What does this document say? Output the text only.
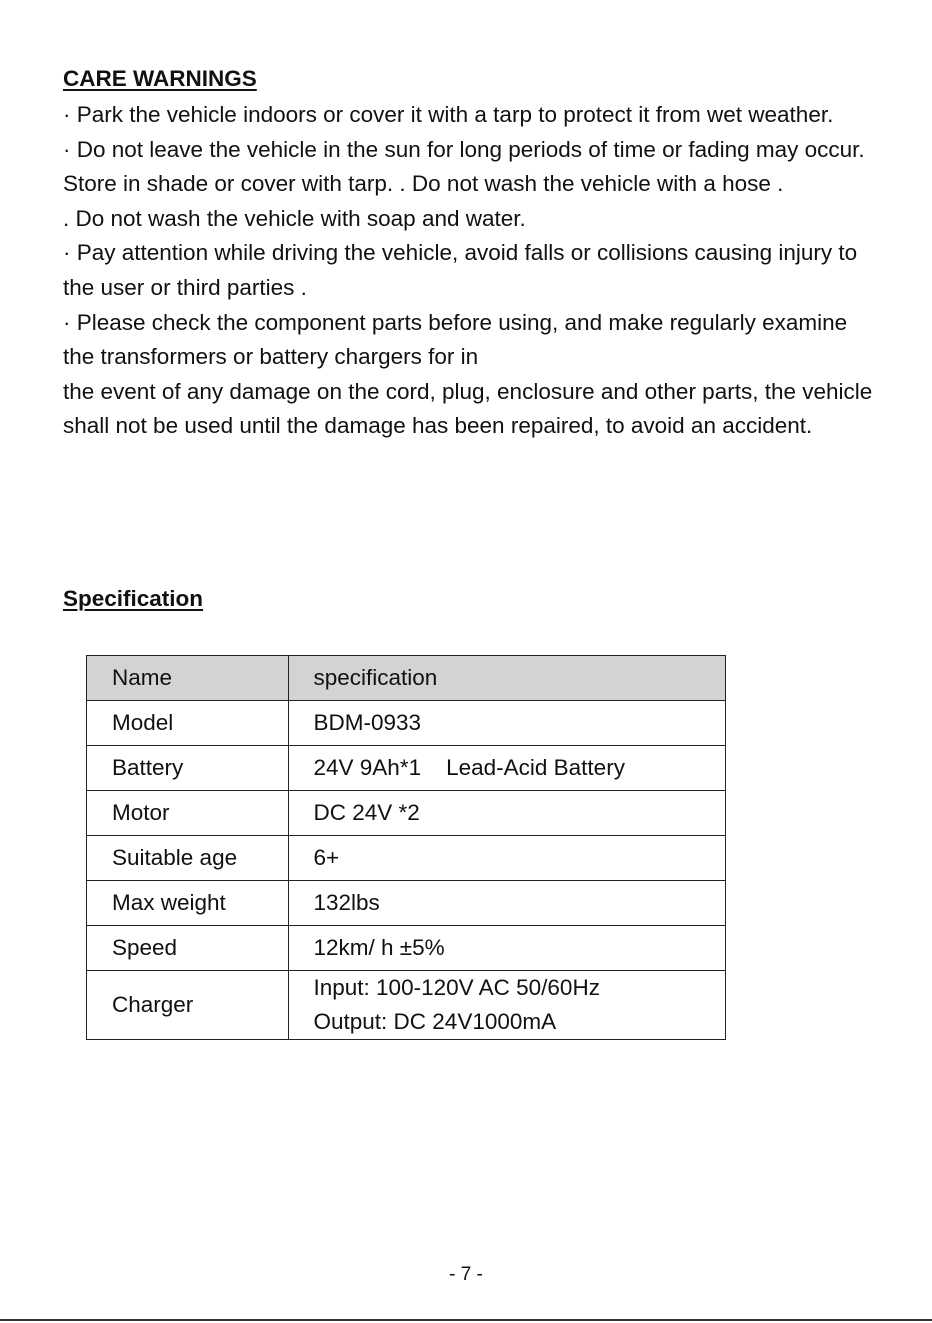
CARE WARNINGS
· Park the vehicle indoors or cover it with a tarp to protect it from wet weather.
· Do not leave the vehicle in the sun for long periods of time or fading may occur. Store in shade or cover with tarp. . Do not wash the vehicle with a hose .
. Do not wash the vehicle with soap and water.
· Pay attention while driving the vehicle, avoid falls or collisions causing injury to the user or third parties .
· Please check the component parts before using, and make regularly examine the transformers or battery chargers for in
the event of any damage on the cord, plug, enclosure and other parts, the vehicle shall not be used until the damage has been repaired, to avoid an accident.
Specification
Name	specification
Model	BDM-0933
Battery	24V 9Ah*1    Lead-Acid Battery
Motor	DC 24V *2
Suitable age	6+
Max weight	132lbs
Speed	12km/ h ±5%
Charger	Input: 100-120V AC 50/60Hz
Output: DC 24V1000mA
- 7 -
